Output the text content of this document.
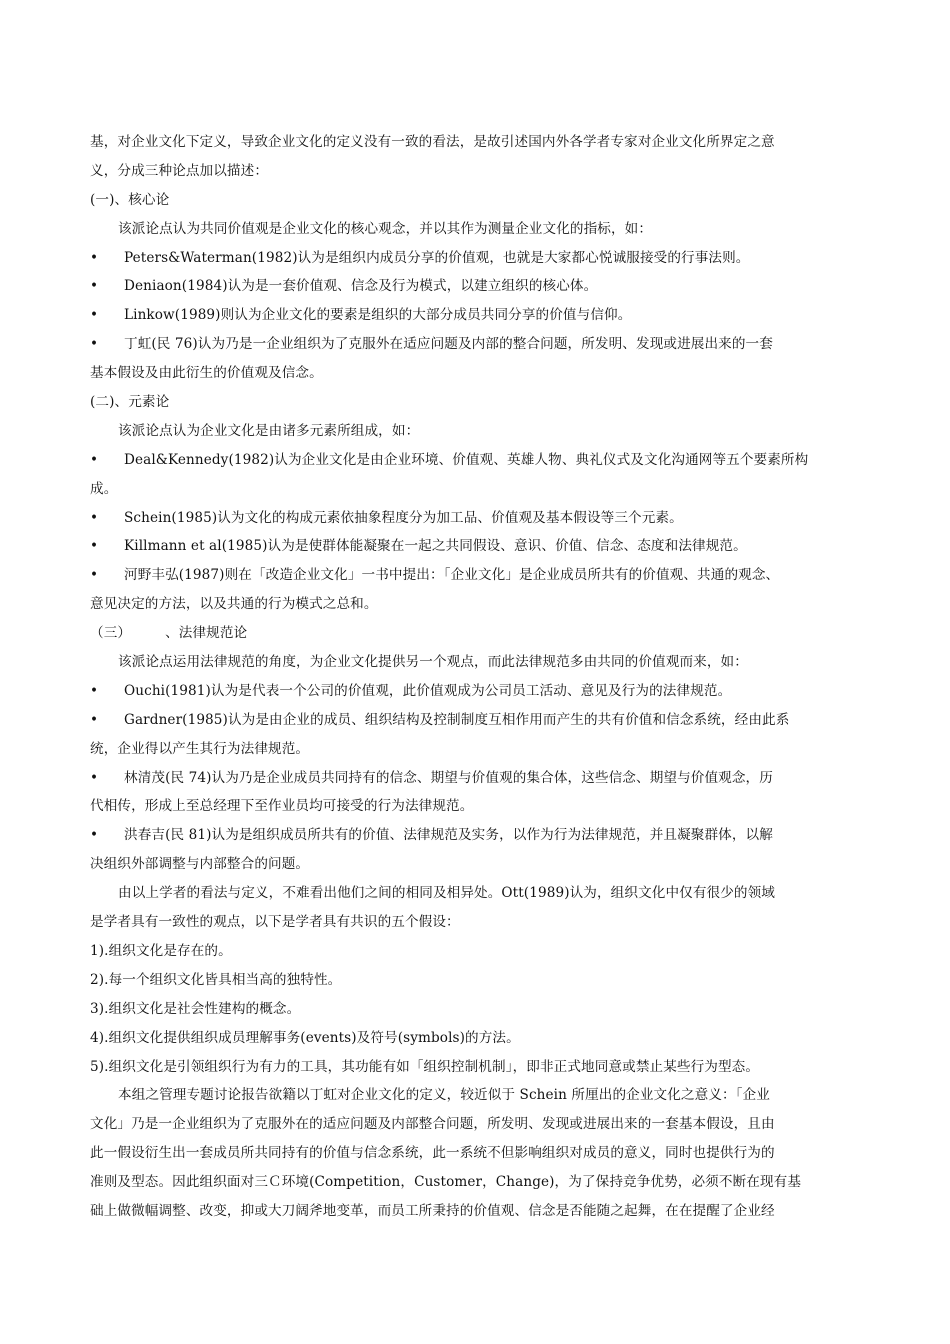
基，对企业文化下定义，导致企业文化的定义没有一致的看法，是故引述国内外各学者专家对企业文化所界定之意
义，分成三种论点加以描述：
(一)、核心论
该派论点认为共同价值观是企业文化的核心观念，并以其作为测量企业文化的指标，如：
• Peters&Waterman(1982)认为是组织内成员分享的价值观，也就是大家都心悦诚服接受的行事法则。
• Deniaon(1984)认为是一套价值观、信念及行为模式，以建立组织的核心体。
• Linkow(1989)则认为企业文化的要素是组织的大部分成员共同分享的价值与信仰。
• 丁虹(民 76)认为乃是一企业组织为了克服外在适应问题及内部的整合问题，所发明、发现或进展出来的一套
基本假设及由此衍生的价值观及信念。
(二)、元素论
该派论点认为企业文化是由诸多元素所组成，如：
• Deal&Kennedy(1982)认为企业文化是由企业环境、价值观、英雄人物、典礼仪式及文化沟通网等五个要素所构
成。
• Schein(1985)认为文化的构成元素依抽象程度分为加工品、价值观及基本假设等三个元素。
• Killmann et al(1985)认为是使群体能凝聚在一起之共同假设、意识、价值、信念、态度和法律规范。
• 河野丰弘(1987)则在「改造企业文化」一书中提出：「企业文化」是企业成员所共有的价值观、共通的观念、
意见决定的方法，以及共通的行为模式之总和。
（三）	、法律规范论
该派论点运用法律规范的角度，为企业文化提供另一个观点，而此法律规范多由共同的价值观而来，如：
• Ouchi(1981)认为是代表一个公司的价值观，此价值观成为公司员工活动、意见及行为的法律规范。
• Gardner(1985)认为是由企业的成员、组织结构及控制制度互相作用而产生的共有价值和信念系统，经由此系
统，企业得以产生其行为法律规范。
• 林清茂(民 74)认为乃是企业成员共同持有的信念、期望与价值观的集合体，这些信念、期望与价值观念，历
代相传，形成上至总经理下至作业员均可接受的行为法律规范。
• 洪春吉(民 81)认为是组织成员所共有的价值、法律规范及实务，以作为行为法律规范，并且凝聚群体，以解
决组织外部调整与内部整合的问题。
由以上学者的看法与定义，不难看出他们之间的相同及相异处。Ott(1989)认为，组织文化中仅有很少的领域
是学者具有一致性的观点，以下是学者具有共识的五个假设：
1).组织文化是存在的。
2).每一个组织文化皆具相当高的独特性。
3).组织文化是社会性建构的概念。
4).组织文化提供组织成员理解事务(events)及符号(symbols)的方法。
5).组织文化是引领组织行为有力的工具，其功能有如「组织控制机制」，即非正式地同意或禁止某些行为型态。
本组之管理专题讨论报告欲籍以丁虹对企业文化的定义，较近似于 Schein 所厘出的企业文化之意义：「企业
文化」乃是一企业组织为了克服外在的适应问题及内部整合问题，所发明、发现或进展出来的一套基本假设，且由
此一假设衍生出一套成员所共同持有的价值与信念系统，此一系统不但影响组织对成员的意义，同时也提供行为的
准则及型态。因此组织面对三Ｃ环境(Competition，Customer，Change)，为了保持竞争优势，必须不断在现有基
础上做微幅调整、改变，抑或大刀阔斧地变革，而员工所秉持的价值观、信念是否能随之起舞，在在提醒了企业经
